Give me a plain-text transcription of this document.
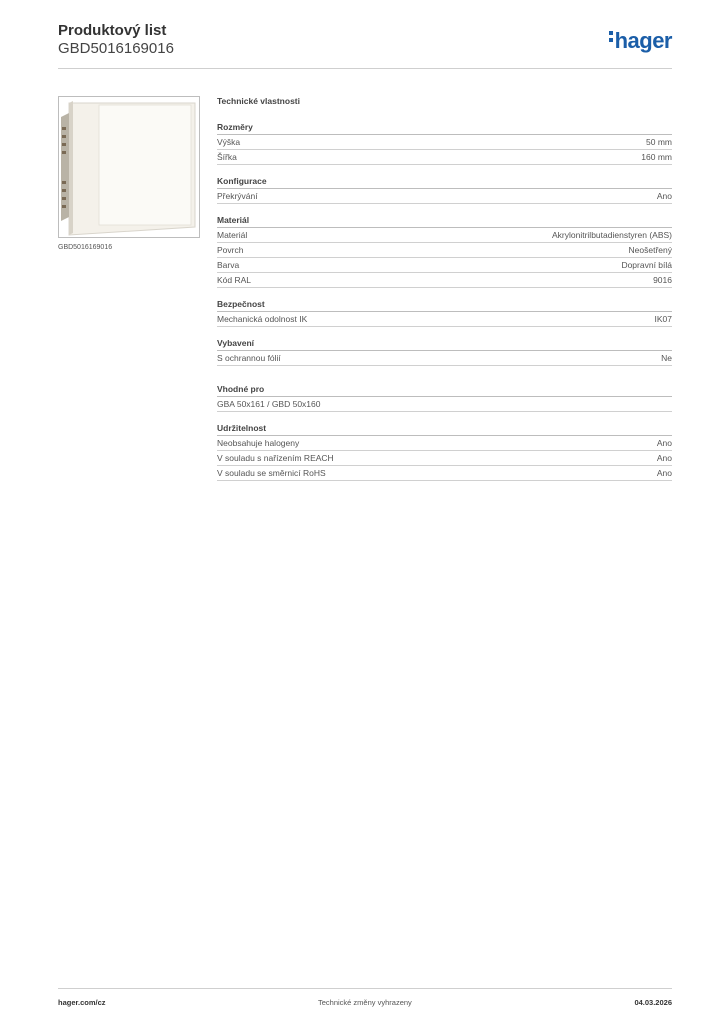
Produktový list
GBD5016169016	hager
GBD5016169016
Technické vlastnosti
Rozměry
Výška	50 mm
Šířka	160 mm
Konfigurace
Překrývání	Ano
Materiál
Materiál	Akrylonitrilbutadienstyren (ABS)
Povrch	Neošetřený
Barva	Dopravní bílá
Kód RAL	9016
Bezpečnost
Mechanická odolnost IK	IK07
Vybavení
S ochrannou fólií	Ne
Vhodné pro
GBA 50x161 / GBD 50x160
Udržitelnost
Neobsahuje halogeny	Ano
V souladu s nařízením REACH	Ano
V souladu se směrnicí RoHS	Ano
hager.com/cz	Technické změny vyhrazeny	04.03.2026
